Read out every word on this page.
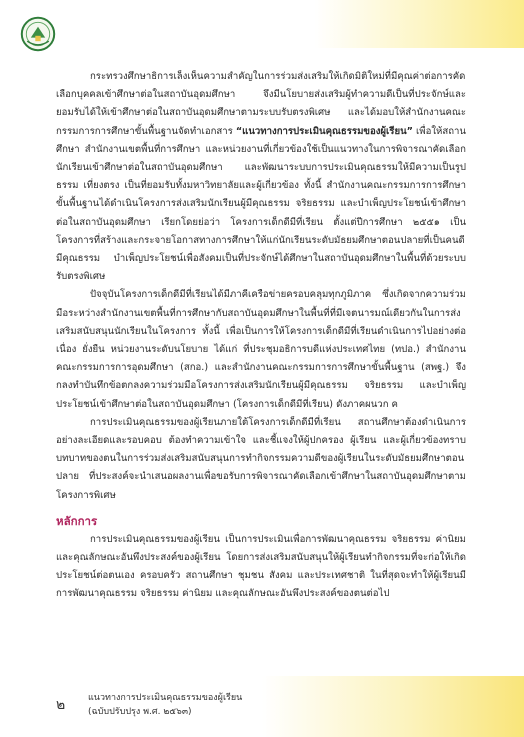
กระทรวงศึกษาธิการเล็งเห็นความสำคัญในการร่วมส่งเสริมให้เกิดมิติใหม่ที่มีคุณค่าต่อการคัดเลือกบุคคลเข้าศึกษาต่อในสถาบันอุดมศึกษา จึงมีนโยบายส่งเสริมผู้ทำความดีเป็นที่ประจักษ์และยอมรับได้ให้เข้าศึกษาต่อในสถาบันอุดมศึกษาตามระบบรับตรงพิเศษ และได้มอบให้สำนักงานคณะกรรมการการศึกษาขั้นพื้นฐานจัดทำเอกสาร “แนวทางการประเมินคุณธรรมของผู้เรียน” เพื่อให้สถานศึกษา สำนักงานเขตพื้นที่การศึกษา และหน่วยงานที่เกี่ยวข้องใช้เป็นแนวทางในการพิจารณาคัดเลือกนักเรียนเข้าศึกษาต่อในสถาบันอุดมศึกษา และพัฒนาระบบการประเมินคุณธรรมให้มีความเป็นรูปธรรม เที่ยงตรง เป็นที่ยอมรับทั้งมหาวิทยาลัยและผู้เกี่ยวข้อง ทั้งนี้ สำนักงานคณะกรรมการการศึกษาขั้นพื้นฐานได้ดำเนินโครงการส่งเสริมนักเรียนผู้มีคุณธรรม จริยธรรม และบำเพ็ญประโยชน์เข้าศึกษาต่อในสถาบันอุดมศึกษา เรียกโดยย่อว่า โครงการเด็กดีมีที่เรียน ตั้งแต่ปีการศึกษา ๒๕๕๑ เป็นโครงการที่สร้างและกระจายโอกาสทางการศึกษาให้แก่นักเรียนระดับมัธยมศึกษาตอนปลายที่เป็นคนดี มีคุณธรรม บำเพ็ญประโยชน์เพื่อสังคมเป็นที่ประจักษ์ได้ศึกษาในสถาบันอุดมศึกษาในพื้นที่ด้วยระบบรับตรงพิเศษ

ปัจจุบันโครงการเด็กดีมีที่เรียนได้มีภาคีเครือข่ายครอบคลุมทุกภูมิภาค ซึ่งเกิดจากความร่วมมือระหว่างสำนักงานเขตพื้นที่การศึกษากับสถาบันอุดมศึกษาในพื้นที่ที่มีเจตนารมณ์เดียวกันในการส่งเสริมสนับสนุนนักเรียนในโครงการ ทั้งนี้ เพื่อเป็นการให้โครงการเด็กดีมีที่เรียนดำเนินการไปอย่างต่อเนื่อง ยั่งยืน หน่วยงานระดับนโยบาย ได้แก่ ที่ประชุมอธิการบดีแห่งประเทศไทย (ทปอ.) สำนักงานคณะกรรมการการอุดมศึกษา (สกอ.) และสำนักงานคณะกรรมการการศึกษาขั้นพื้นฐาน (สพฐ.) จึงกลงทำบันทึกข้อตกลงความร่วมมือโครงการส่งเสริมนักเรียนผู้มีคุณธรรม จริยธรรม และบำเพ็ญประโยชน์เข้าศึกษาต่อในสถาบันอุดมศึกษา (โครงการเด็กดีมีที่เรียน) ดังภาคผนวก ค

การประเมินคุณธรรมของผู้เรียนภายใต้โครงการเด็กดีมีที่เรียน สถานศึกษาต้องดำเนินการอย่างละเอียดและรอบคอบ ต้องทำความเข้าใจ และชี้แจงให้ผู้ปกครอง ผู้เรียน และผู้เกี่ยวข้องทราบบทบาทของตนในการร่วมส่งเสริมสนับสนุนการทำกิจกรรมความดีของผู้เรียนในระดับมัธยมศึกษาตอนปลาย ที่ประสงค์จะนำเสนอผลงานเพื่อขอรับการพิจารณาคัดเลือกเข้าศึกษาในสถาบันอุดมศึกษาตามโครงการพิเศษ

หลักการ

การประเมินคุณธรรมของผู้เรียน เป็นการประเมินเพื่อการพัฒนาคุณธรรม จริยธรรม ค่านิยม และคุณลักษณะอันพึงประสงค์ของผู้เรียน โดยการส่งเสริมสนับสนุนให้ผู้เรียนทำกิจกรรมที่จะก่อให้เกิดประโยชน์ต่อตนเอง ครอบครัว สถานศึกษา ชุมชน สังคม และประเทศชาติ ในที่สุดจะทำให้ผู้เรียนมีการพัฒนาคุณธรรม จริยธรรม ค่านิยม และคุณลักษณะอันพึงประสงค์ของตนต่อไป

๒	แนวทางการประเมินคุณธรรมของผู้เรียน
(ฉบับปรับปรุง พ.ศ. ๒๕๖๓)
